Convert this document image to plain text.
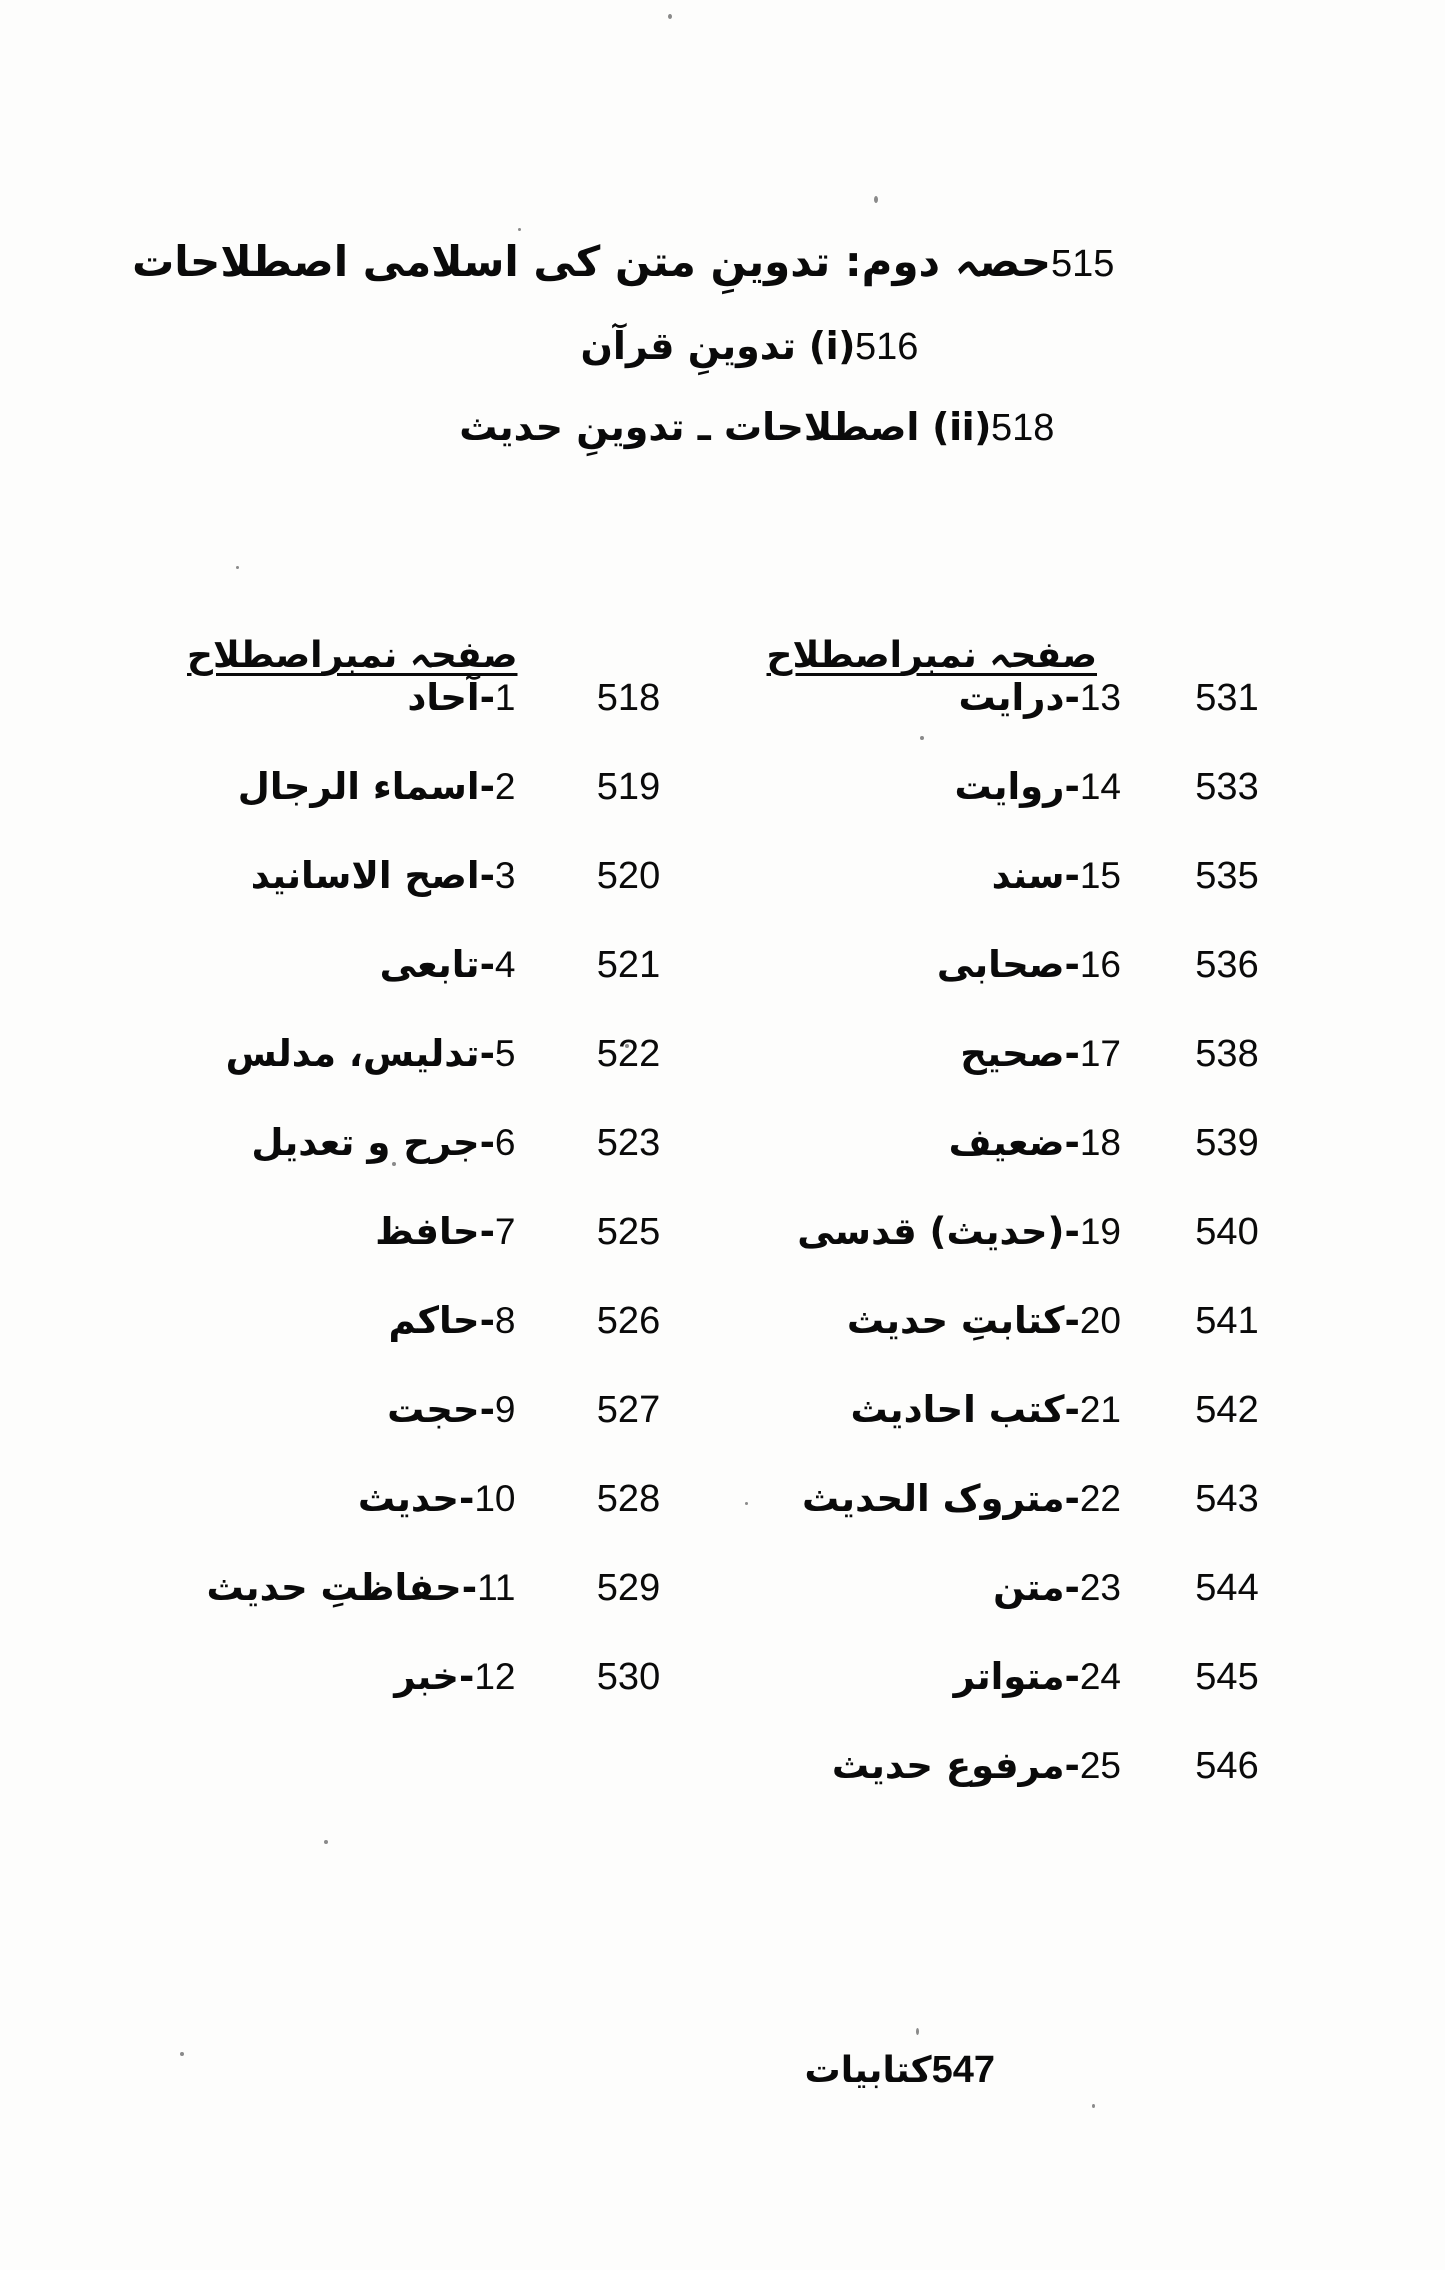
515
حصہ دوم: تدوینِ متن کی اسلامی اصطلاحات
516
(i) تدوینِ قرآن
518
(ii) اصطلاحات ـ تدوینِ حدیث
صفحہ نمبر
اصطلاح
531
13‐درایت
533
14‐روایت
535
15‐سند
536
16‐صحابی
538
17‐صحیح
539
18‐ضعیف
540
19‐(حدیث) قدسی
541
20‐کتابتِ حدیث
542
21‐کتب احادیث
543
22‐متروک الحدیث
544
23‐متن
545
24‐متواتر
546
25‐مرفوع حدیث
صفحہ نمبر
اصطلاح
518
1‐آحاد
519
2‐اسماء الرجال
520
3‐اصح الاسانید
521
4‐تابعی
522
5‐تدلیس، مدلس
523
6‐جرح و تعدیل
525
7‐حافظ
526
8‐حاکم
527
9‐حجت
528
10‐حدیث
529
11‐حفاظتِ حدیث
530
12‐خبر
547
کتابیات
